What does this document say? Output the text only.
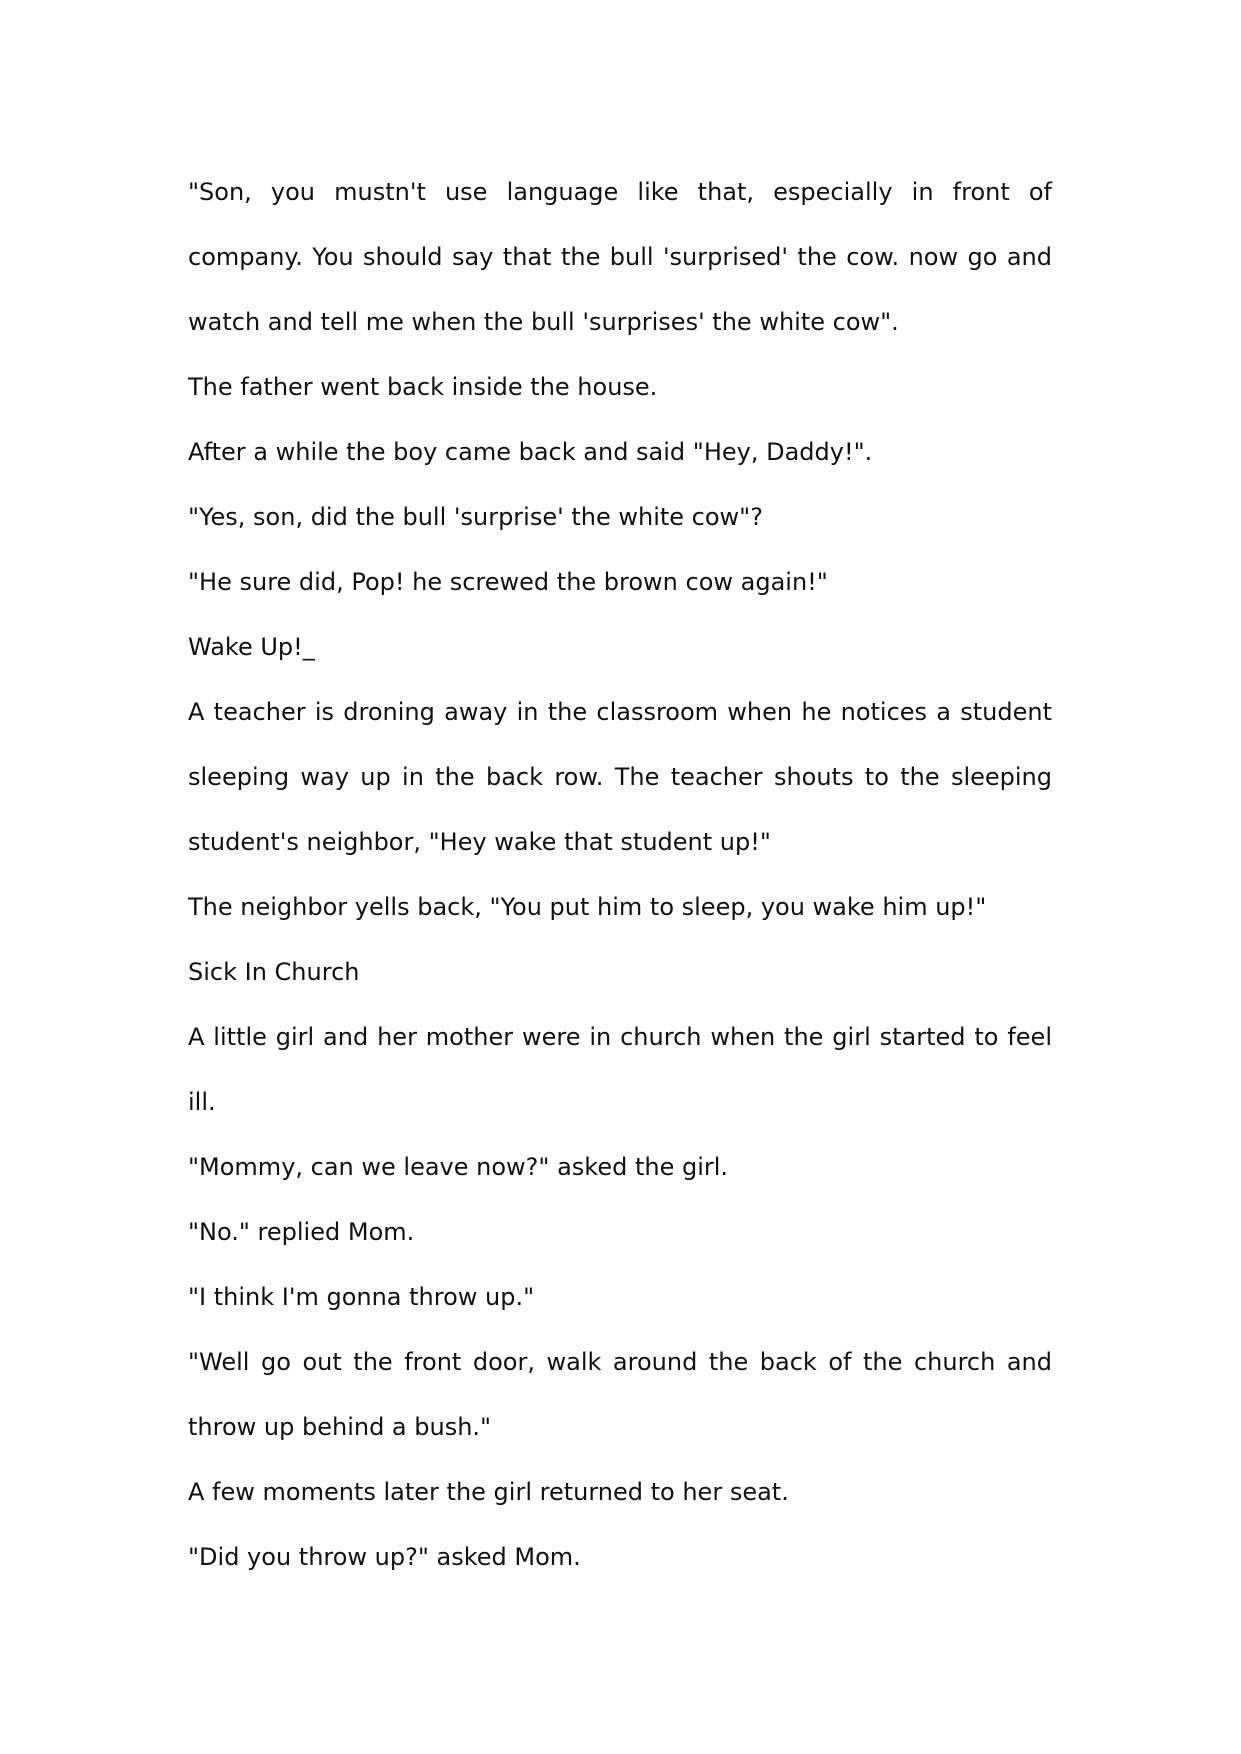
"Son, you mustn't use language like that, especially in front of company. You should say that the bull 'surprised' the cow. now go and watch and tell me when the bull 'surprises' the white cow".

The father went back inside the house.

After a while the boy came back and said "Hey, Daddy!".

"Yes, son, did the bull 'surprise' the white cow"?

"He sure did, Pop! he screwed the brown cow again!"

Wake Up!_

A teacher is droning away in the classroom when he notices a student sleeping way up in the back row. The teacher shouts to the sleeping student's neighbor, "Hey wake that student up!"

The neighbor yells back, "You put him to sleep, you wake him up!"

Sick In Church

A little girl and her mother were in church when the girl started to feel ill.

"Mommy, can we leave now?" asked the girl.

"No." replied Mom.

"I think I'm gonna throw up."

"Well go out the front door, walk around the back of the church and throw up behind a bush."

A few moments later the girl returned to her seat.

"Did you throw up?" asked Mom.
